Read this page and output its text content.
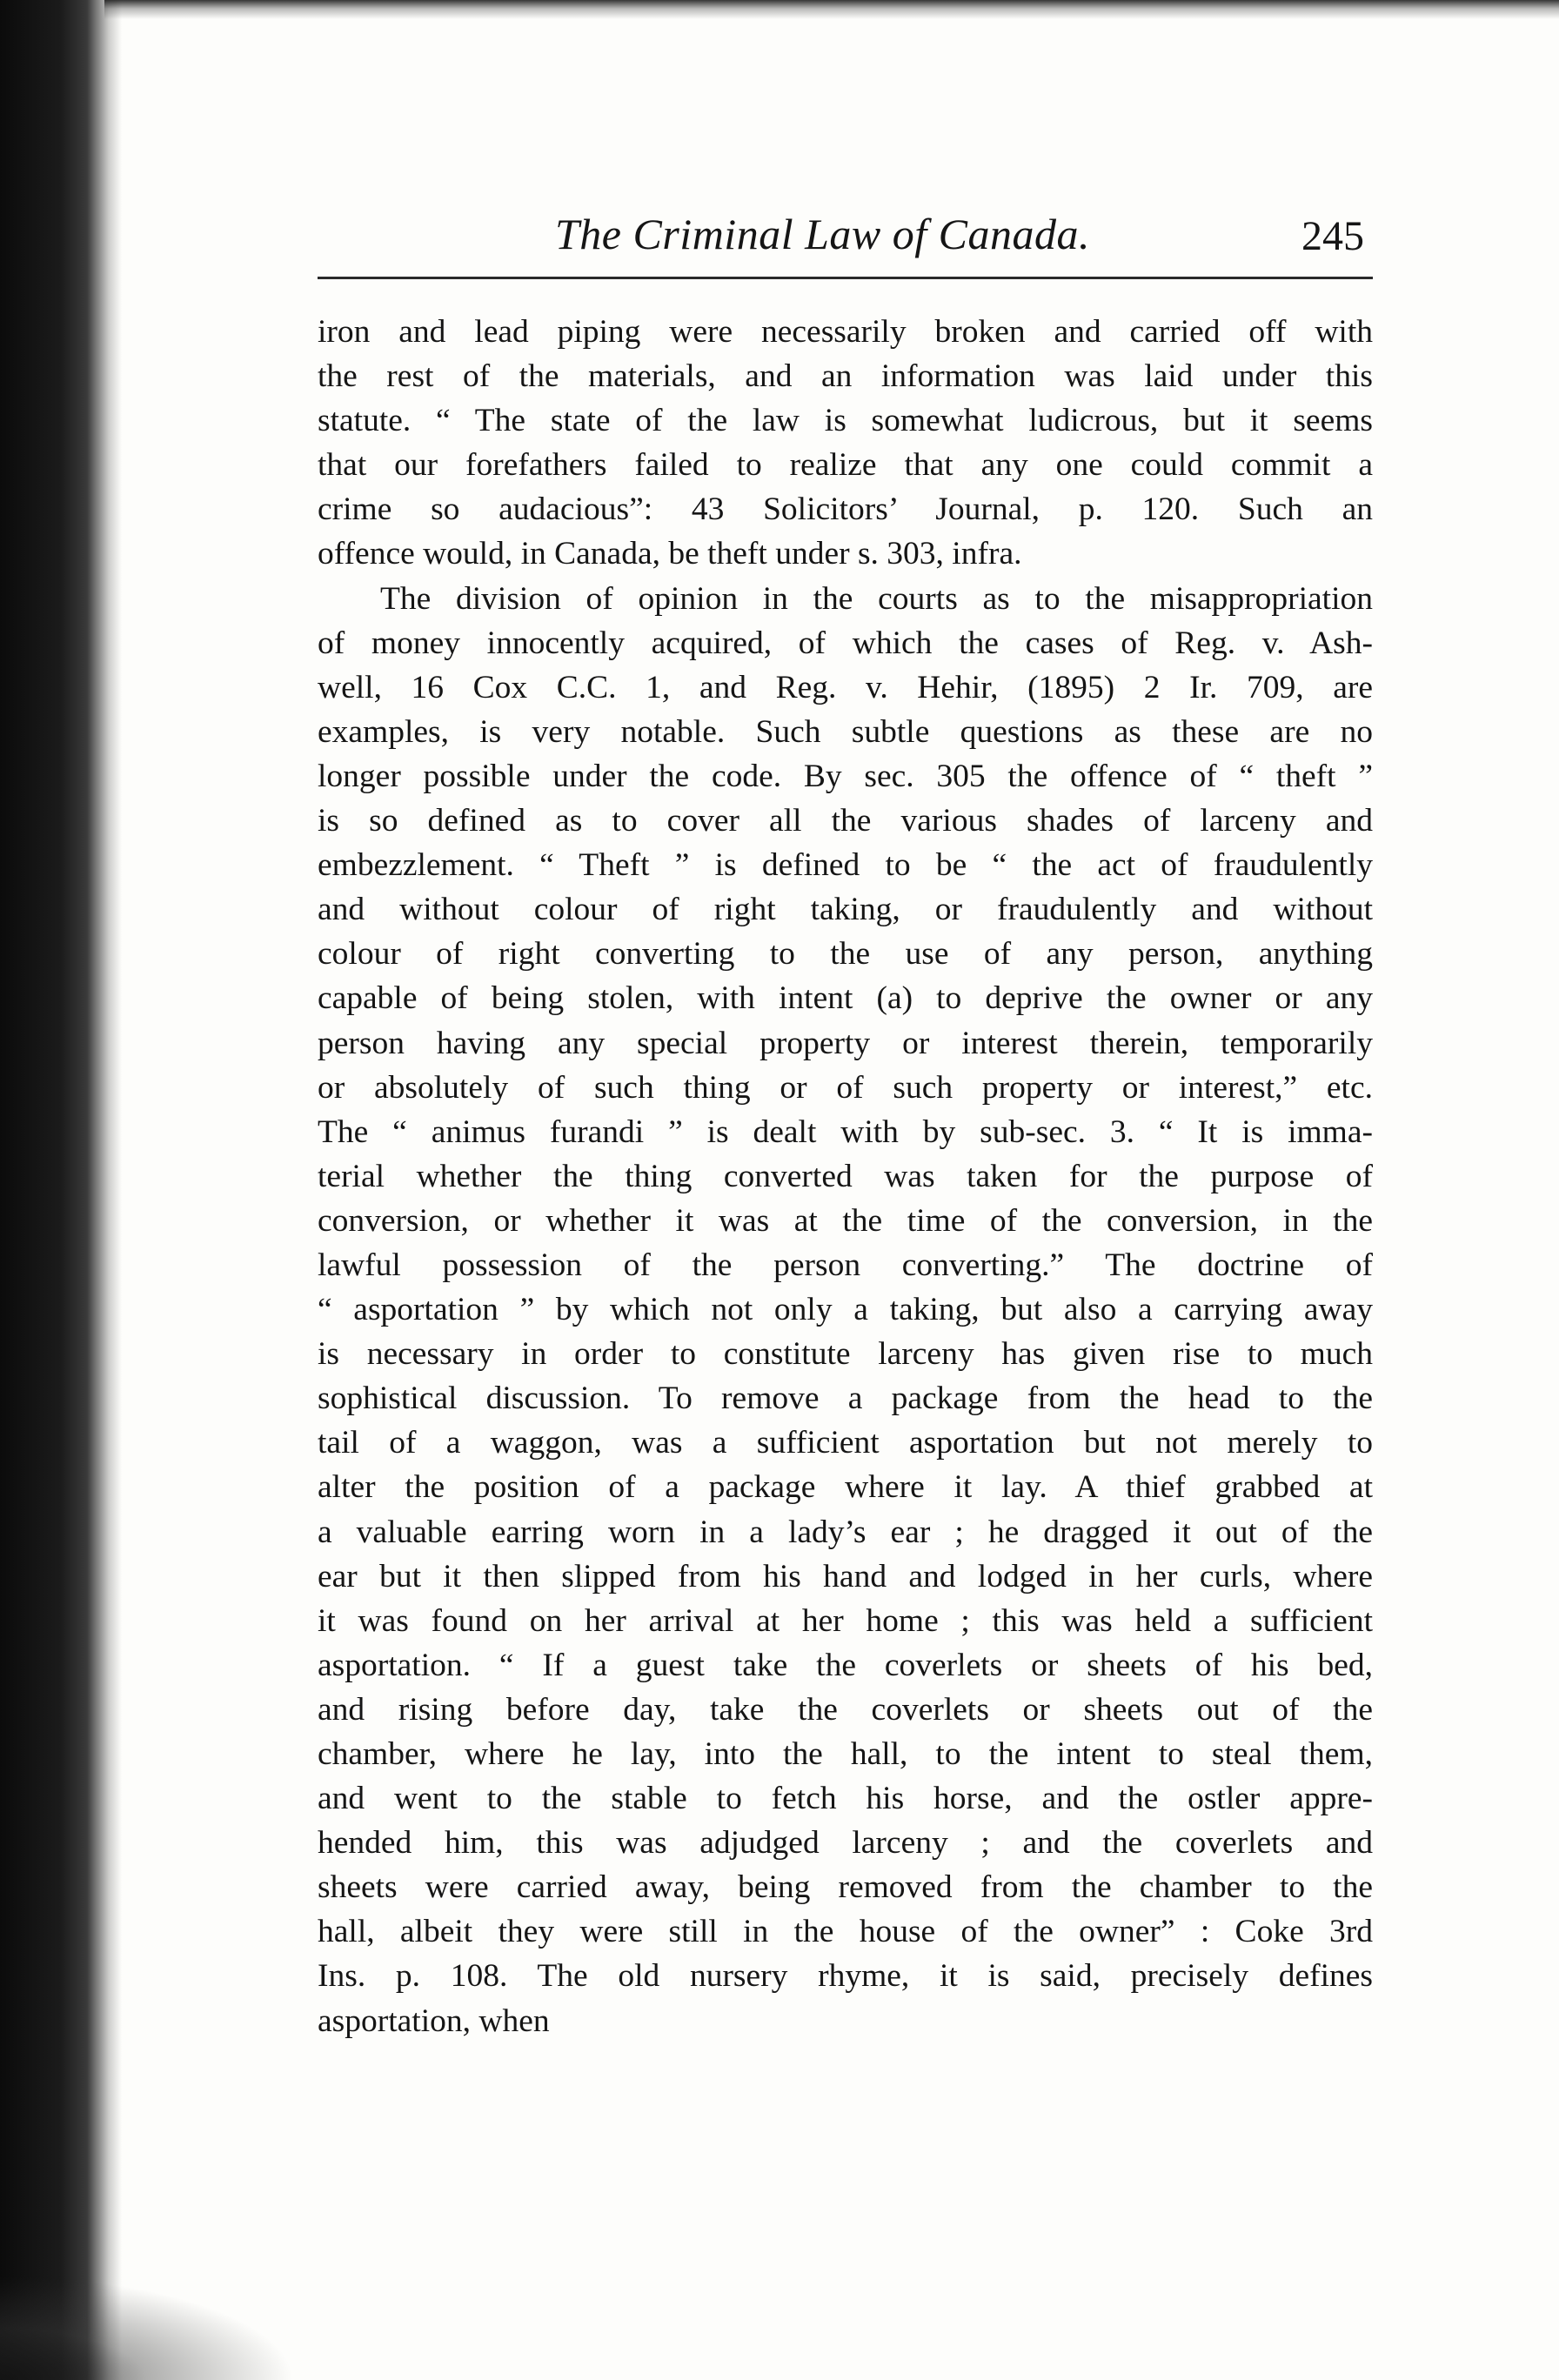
The Criminal Law of Canada.	245
iron and lead piping were necessarily broken and carried off with
the rest of the materials, and an information was laid under this
statute. “ The state of the law is somewhat ludicrous, but it seems
that our forefathers failed to realize that any one could commit a
crime so audacious”: 43 Solicitors’ Journal, p. 120. Such an
offence would, in Canada, be theft under s. 303, infra.
The division of opinion in the courts as to the misappropriation
of money innocently acquired, of which the cases of Reg. v. Ash-
well, 16 Cox C.C. 1, and Reg. v. Hehir, (1895) 2 Ir. 709, are
examples, is very notable. Such subtle questions as these are no
longer possible under the code. By sec. 305 the offence of “ theft ”
is so defined as to cover all the various shades of larceny and
embezzlement. “ Theft ” is defined to be “ the act of fraudulently
and without colour of right taking, or fraudulently and without
colour of right converting to the use of any person, anything
capable of being stolen, with intent (a) to deprive the owner or any
person having any special property or interest therein, temporarily
or absolutely of such thing or of such property or interest,” etc.
The “ animus furandi ” is dealt with by sub-sec. 3. “ It is imma-
terial whether the thing converted was taken for the purpose of
conversion, or whether it was at the time of the conversion, in the
lawful possession of the person converting.” The doctrine of
“ asportation ” by which not only a taking, but also a carrying away
is necessary in order to constitute larceny has given rise to much
sophistical discussion. To remove a package from the head to the
tail of a waggon, was a sufficient asportation but not merely to
alter the position of a package where it lay. A thief grabbed at
a valuable earring worn in a lady’s ear ; he dragged it out of the
ear but it then slipped from his hand and lodged in her curls, where
it was found on her arrival at her home ; this was held a sufficient
asportation. “ If a guest take the coverlets or sheets of his bed,
and rising before day, take the coverlets or sheets out of the
chamber, where he lay, into the hall, to the intent to steal them,
and went to the stable to fetch his horse, and the ostler appre-
hended him, this was adjudged larceny ; and the coverlets and
sheets were carried away, being removed from the chamber to the
hall, albeit they were still in the house of the owner” : Coke 3rd
Ins. p. 108. The old nursery rhyme, it is said, precisely defines
asportation, when
